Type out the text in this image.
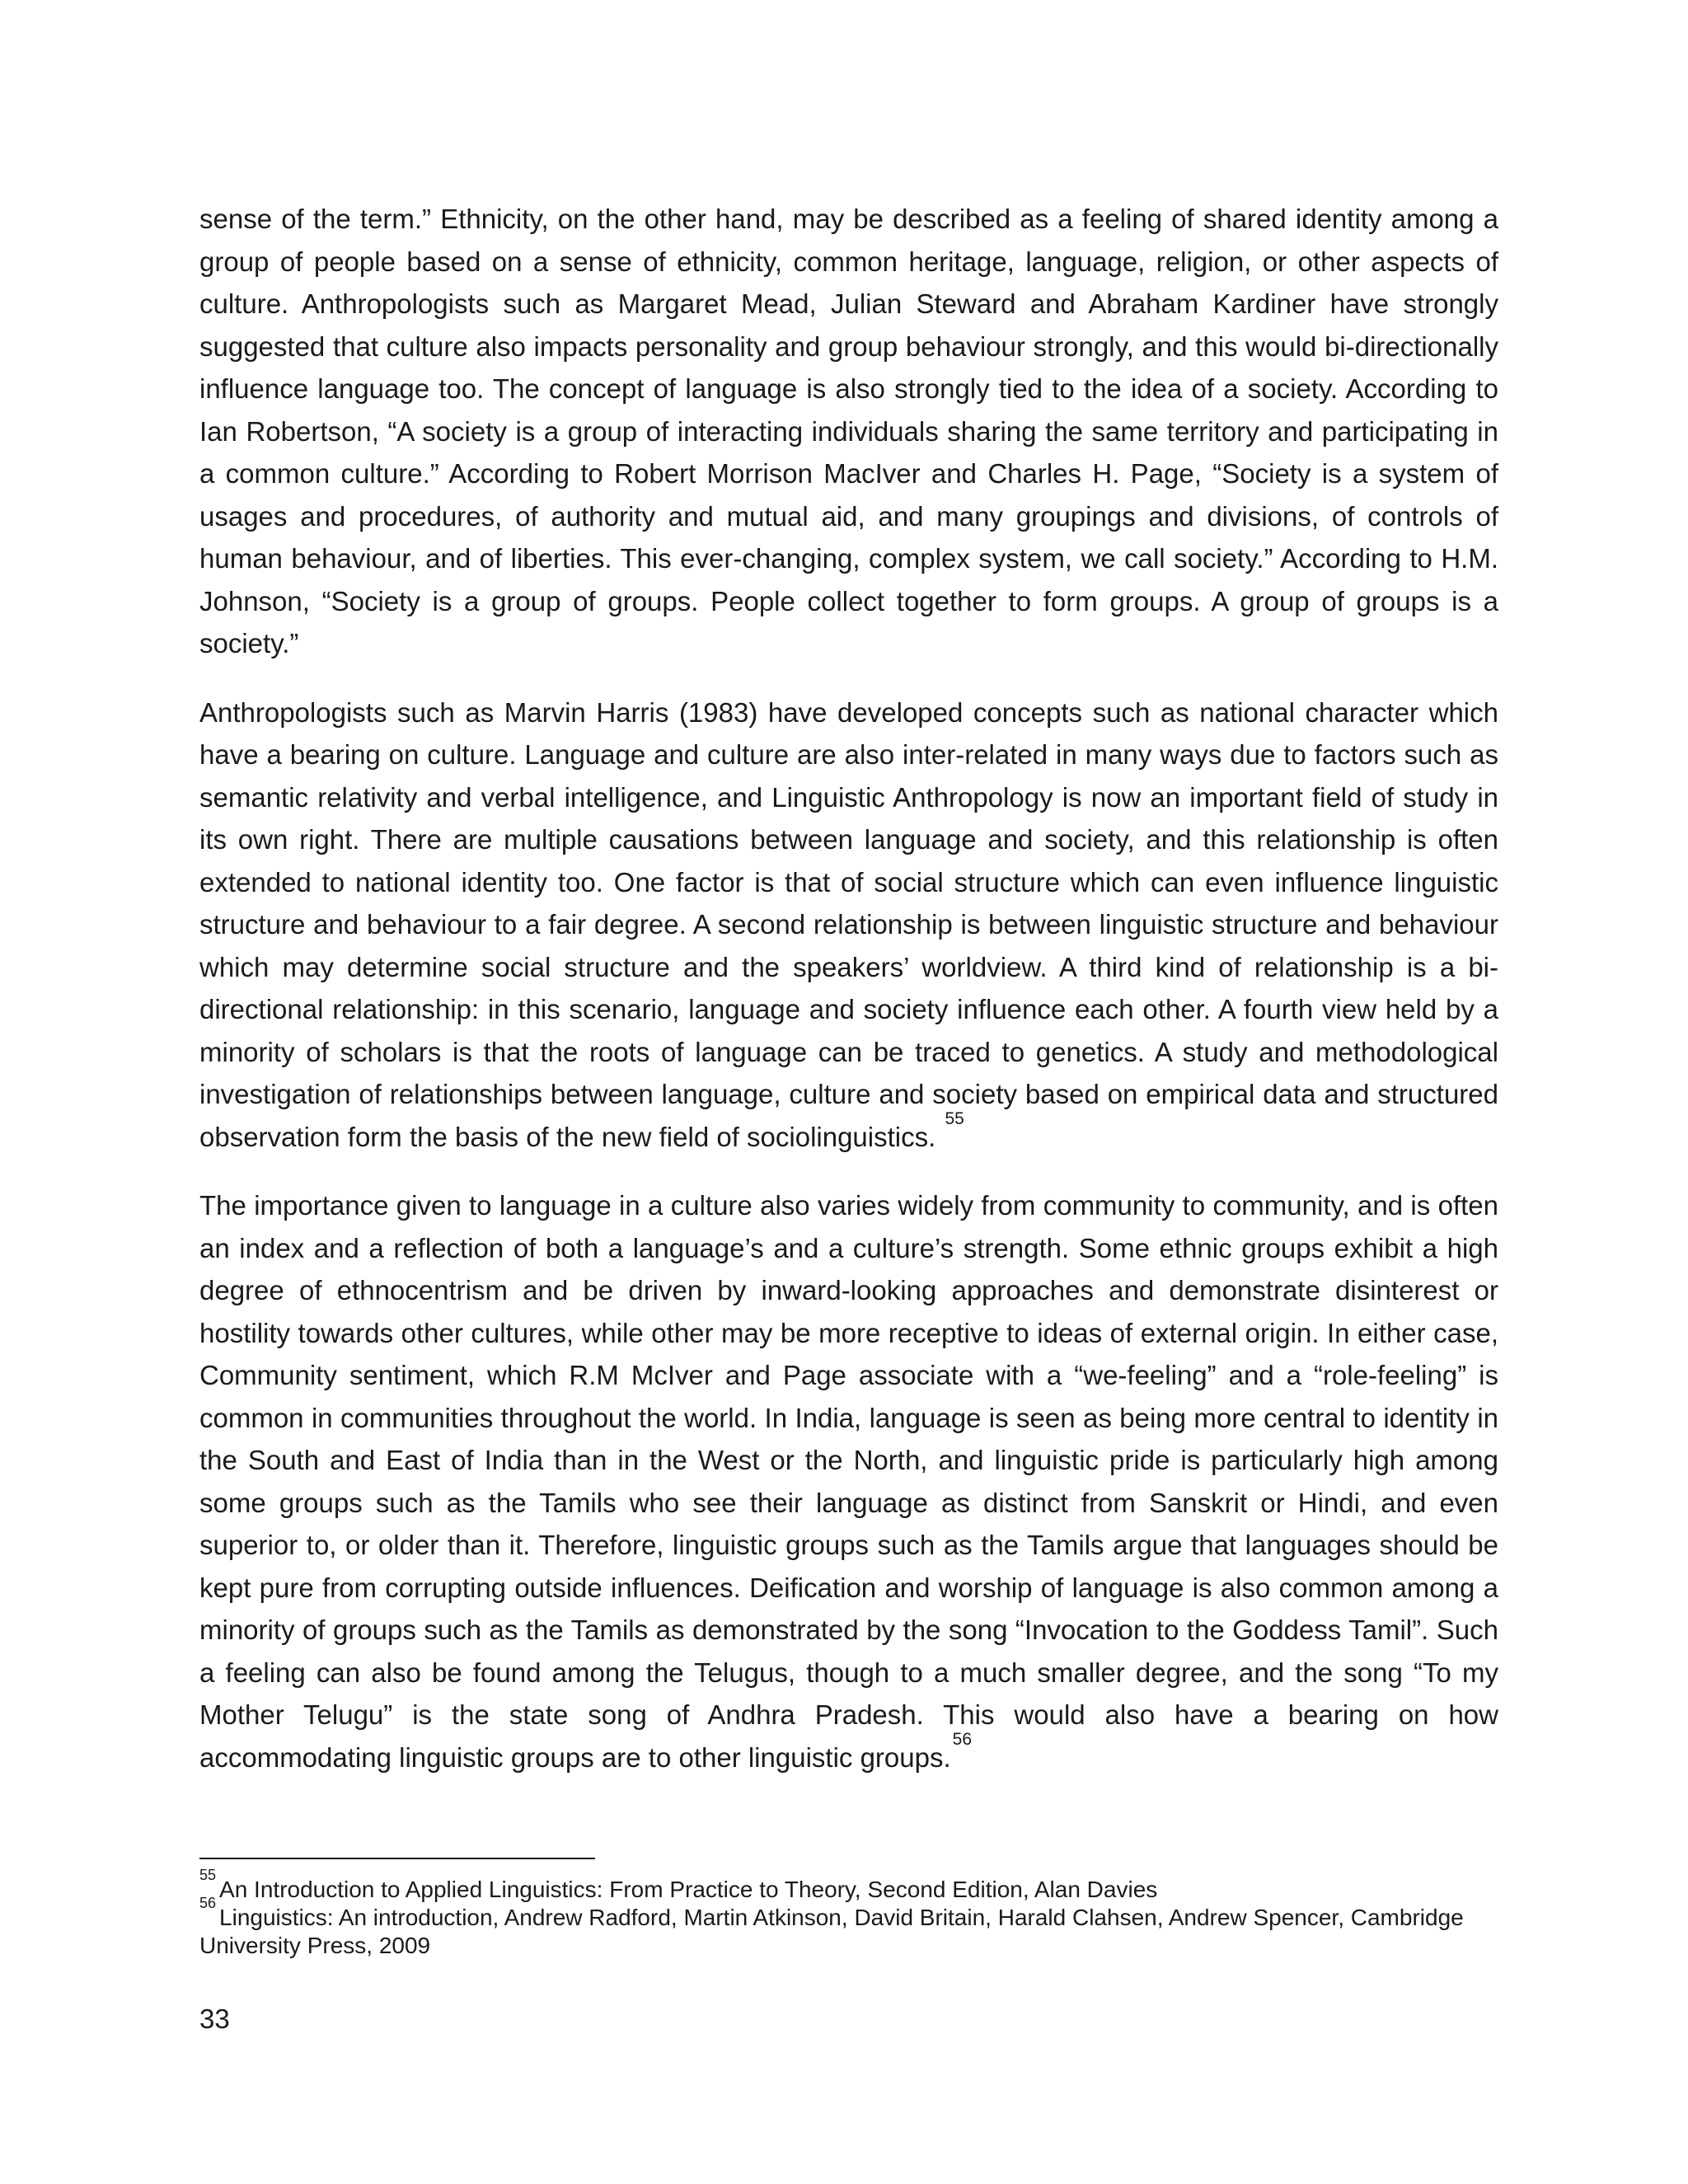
sense of the term.” Ethnicity, on the other hand, may be described as a feeling of shared identity among a group of people based on a sense of ethnicity, common heritage, language, religion, or other aspects of culture. Anthropologists such as Margaret Mead, Julian Steward and Abraham Kardiner have strongly suggested that culture also impacts personality and group behaviour strongly, and this would bi-directionally influence language too. The concept of language is also strongly tied to the idea of a society. According to Ian Robertson, “A society is a group of interacting individuals sharing the same territory and participating in a common culture.” According to Robert Morrison MacIver and Charles H. Page, “Society is a system of usages and procedures, of authority and mutual aid, and many groupings and divisions, of controls of human behaviour, and of liberties. This ever-changing, complex system, we call society.” According to H.M. Johnson, “Society is a group of groups. People collect together to form groups. A group of groups is a society.”

Anthropologists such as Marvin Harris (1983) have developed concepts such as national character which have a bearing on culture. Language and culture are also inter-related in many ways due to factors such as semantic relativity and verbal intelligence, and Linguistic Anthropology is now an important field of study in its own right. There are multiple causations between language and society, and this relationship is often extended to national identity too. One factor is that of social structure which can even influence linguistic structure and behaviour to a fair degree. A second relationship is between linguistic structure and behaviour which may determine social structure and the speakers’ worldview. A third kind of relationship is a bi-directional relationship: in this scenario, language and society influence each other. A fourth view held by a minority of scholars is that the roots of language can be traced to genetics. A study and methodological investigation of relationships between language, culture and society based on empirical data and structured observation form the basis of the new field of sociolinguistics. $^{55}$

The importance given to language in a culture also varies widely from community to community, and is often an index and a reflection of both a language’s and a culture’s strength. Some ethnic groups exhibit a high degree of ethnocentrism and be driven by inward-looking approaches and demonstrate disinterest or hostility towards other cultures, while other may be more receptive to ideas of external origin. In either case, Community sentiment, which R.M McIver and Page associate with a “we-feeling” and a “role-feeling” is common in communities throughout the world. In India, language is seen as being more central to identity in the South and East of India than in the West or the North, and linguistic pride is particularly high among some groups such as the Tamils who see their language as distinct from Sanskrit or Hindi, and even superior to, or older than it. Therefore, linguistic groups such as the Tamils argue that languages should be kept pure from corrupting outside influences. Deification and worship of language is also common among a minority of groups such as the Tamils as demonstrated by the song “Invocation to the Goddess Tamil”. Such a feeling can also be found among the Telugus, though to a much smaller degree, and the song “To my Mother Telugu” is the state song of Andhra Pradesh. This would also have a bearing on how accommodating linguistic groups are to other linguistic groups.$^{56}$

$^{55}$An Introduction to Applied Linguistics: From Practice to Theory, Second Edition, Alan Davies

$^{56}$Linguistics: An introduction, Andrew Radford, Martin Atkinson, David Britain, Harald Clahsen, Andrew Spencer, Cambridge University Press, 2009

33
